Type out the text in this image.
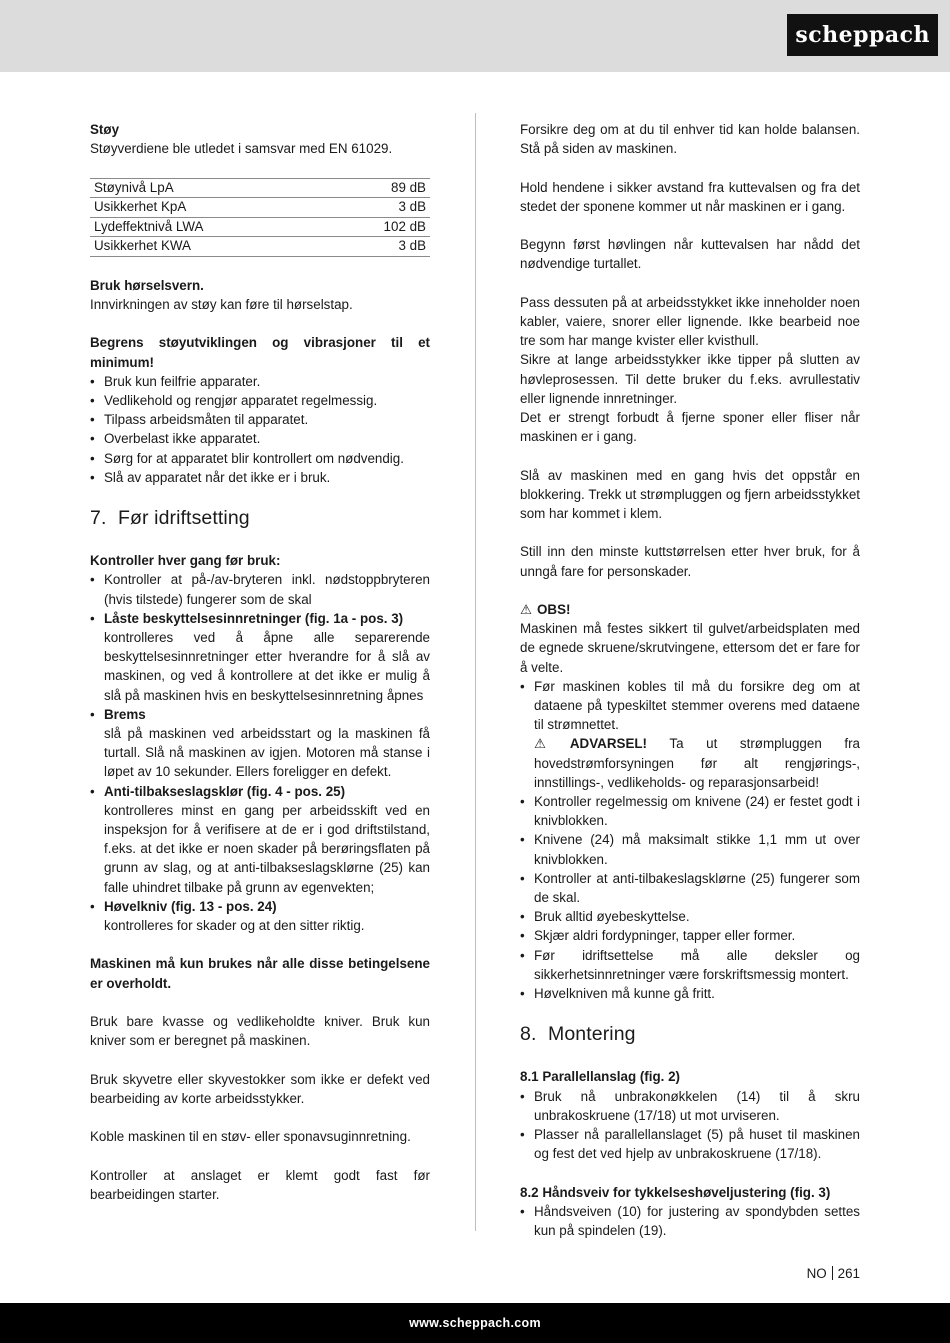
scheppach

Støy

Støyverdiene ble utledet i samsvar med EN 61029.

Støynivå LpA	89 dB
Usikkerhet KpA	3 dB
Lydeffektnivå LWA	102 dB
Usikkerhet KWA	3 dB

Bruk hørselsvern.

Innvirkningen av støy kan føre til hørselstap.

Begrens støyutviklingen og vibrasjoner til et minimum!

• Bruk kun feilfrie apparater.
• Vedlikehold og rengjør apparatet regelmessig.
• Tilpass arbeidsmåten til apparatet.
• Overbelast ikke apparatet.
• Sørg for at apparatet blir kontrollert om nødvendig.
• Slå av apparatet når det ikke er i bruk.
7. Før idriftsetting

Kontroller hver gang før bruk:

• Kontroller at på-/av-bryteren inkl. nødstoppbryteren (hvis tilstede) fungerer som de skal
• Låste beskyttelsesinnretninger (fig. 1a - pos. 3)
kontrolleres ved å åpne alle separerende beskyttelsesinnretninger etter hverandre for å slå av maskinen, og ved å kontrollere at det ikke er mulig å slå på maskinen hvis en beskyttelsesinnretning åpnes
• Brems
slå på maskinen ved arbeidsstart og la maskinen få turtall. Slå nå maskinen av igjen. Motoren må stanse i løpet av 10 sekunder. Ellers foreligger en defekt.
• Anti-tilbakseslagsklør (fig. 4 - pos. 25)
kontrolleres minst en gang per arbeidsskift ved en inspeksjon for å verifisere at de er i god driftstilstand, f.eks. at det ikke er noen skader på berøringsflaten på grunn av slag, og at anti-tilbakseslagsklørne (25) kan falle uhindret tilbake på grunn av egenvekten;
• Høvelkniv (fig. 13 - pos. 24)
kontrolleres for skader og at den sitter riktig.

Maskinen må kun brukes når alle disse betingelsene er overholdt.

Bruk bare kvasse og vedlikeholdte kniver. Bruk kun kniver som er beregnet på maskinen.

Bruk skyvetre eller skyvestokker som ikke er defekt ved bearbeiding av korte arbeidsstykker.

Koble maskinen til en støv- eller sponavsuginnretning.

Kontroller at anslaget er klemt godt fast før bearbeidingen starter.

Forsikre deg om at du til enhver tid kan holde balansen. Stå på siden av maskinen.

Hold hendene i sikker avstand fra kuttevalsen og fra det stedet der sponene kommer ut når maskinen er i gang.

Begynn først høvlingen når kuttevalsen har nådd det nødvendige turtallet.

Pass dessuten på at arbeidsstykket ikke inneholder noen kabler, vaiere, snorer eller lignende. Ikke bearbeid noe tre som har mange kvister eller kvisthull.

Sikre at lange arbeidsstykker ikke tipper på slutten av høvleprosessen. Til dette bruker du f.eks. avrullestativ eller lignende innretninger.

Det er strengt forbudt å fjerne sponer eller fliser når maskinen er i gang.

Slå av maskinen med en gang hvis det oppstår en blokkering. Trekk ut strømpluggen og fjern arbeidsstykket som har kommet i klem.

Still inn den minste kuttstørrelsen etter hver bruk, for å unngå fare for personskader.

⚠ OBS!

Maskinen må festes sikkert til gulvet/arbeidsplaten med de egnede skruene/skrutvingene, ettersom det er fare for å velte.

• Før maskinen kobles til må du forsikre deg om at dataene på typeskiltet stemmer overens med dataene til strømnettet.
⚠ ADVARSEL! Ta ut strømpluggen fra hovedstrømforsyningen før alt rengjørings-, innstillings-, vedlikeholds- og reparasjonsarbeid!
• Kontroller regelmessig om knivene (24) er festet godt i knivblokken.
• Knivene (24) må maksimalt stikke 1,1 mm ut over knivblokken.
• Kontroller at anti-tilbakeslagsklørne (25) fungerer som de skal.
• Bruk alltid øyebeskyttelse.
• Skjær aldri fordypninger, tapper eller former.
• Før idriftsettelse må alle deksler og sikkerhetsinnretninger være forskriftsmessig montert.
• Høvelkniven må kunne gå fritt.
8. Montering
8.1 Parallellanslag (fig. 2)
• Bruk nå unbrakonøkkelen (14) til å skru unbrakoskruene (17/18) ut mot urviseren.
• Plasser nå parallellanslaget (5) på huset til maskinen og fest det ved hjelp av unbrakoskruene (17/18).
8.2 Håndsveiv for tykkelseshøveljustering (fig. 3)
• Håndsveiven (10) for justering av spondybden settes kun på spindelen (19).
NO 261
www.scheppach.com
